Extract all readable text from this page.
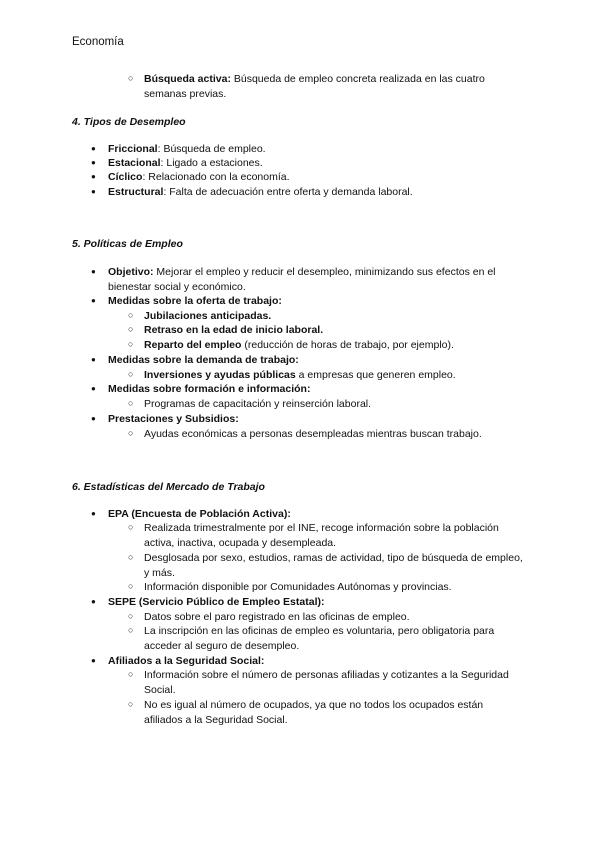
Economía
○ Búsqueda activa: Búsqueda de empleo concreta realizada en las cuatro semanas previas.
4. Tipos de Desempleo
● Friccional: Búsqueda de empleo.
● Estacional: Ligado a estaciones.
● Cíclico: Relacionado con la economía.
● Estructural: Falta de adecuación entre oferta y demanda laboral.
5. Políticas de Empleo
● Objetivo: Mejorar el empleo y reducir el desempleo, minimizando sus efectos en el bienestar social y económico.
● Medidas sobre la oferta de trabajo:
○ Jubilaciones anticipadas.
○ Retraso en la edad de inicio laboral.
○ Reparto del empleo (reducción de horas de trabajo, por ejemplo).
● Medidas sobre la demanda de trabajo:
○ Inversiones y ayudas públicas a empresas que generen empleo.
● Medidas sobre formación e información:
○ Programas de capacitación y reinserción laboral.
● Prestaciones y Subsidios:
○ Ayudas económicas a personas desempleadas mientras buscan trabajo.
6. Estadísticas del Mercado de Trabajo
● EPA (Encuesta de Población Activa):
○ Realizada trimestralmente por el INE, recoge información sobre la población activa, inactiva, ocupada y desempleada.
○ Desglosada por sexo, estudios, ramas de actividad, tipo de búsqueda de empleo, y más.
○ Información disponible por Comunidades Autónomas y provincias.
● SEPE (Servicio Público de Empleo Estatal):
○ Datos sobre el paro registrado en las oficinas de empleo.
○ La inscripción en las oficinas de empleo es voluntaria, pero obligatoria para acceder al seguro de desempleo.
● Afiliados a la Seguridad Social:
○ Información sobre el número de personas afiliadas y cotizantes a la Seguridad Social.
○ No es igual al número de ocupados, ya que no todos los ocupados están afiliados a la Seguridad Social.
